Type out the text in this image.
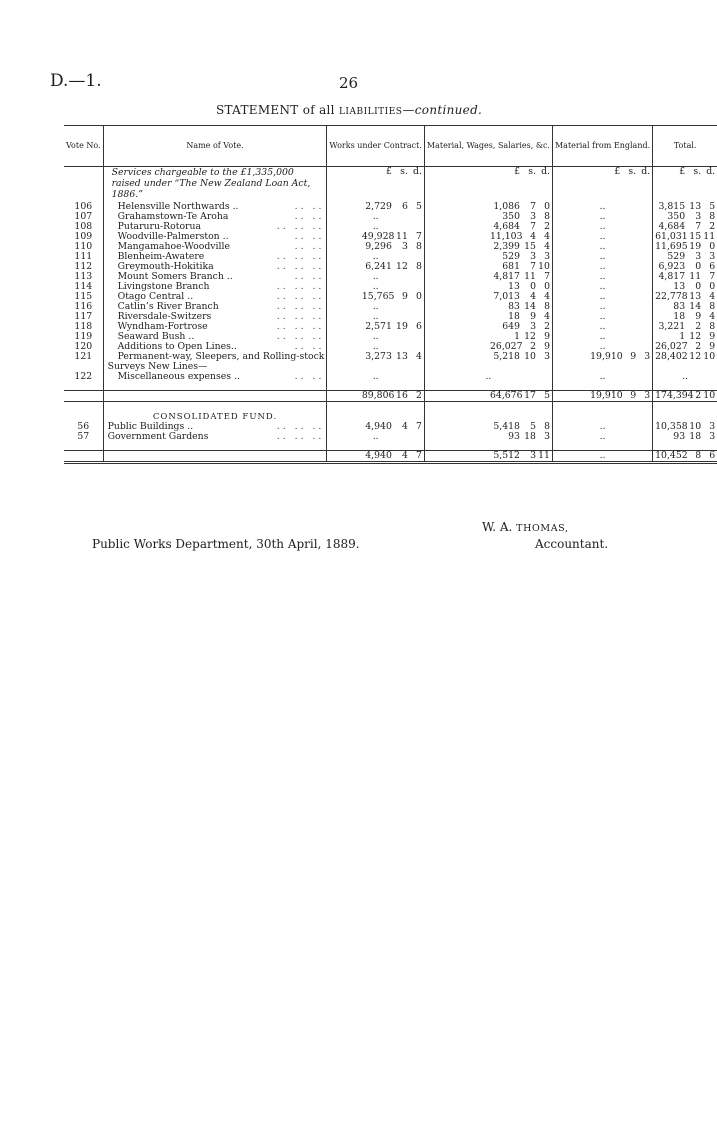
D.—1.	26
STATEMENT of all LIABILITIES—continued.
Vote No.	Name of Vote.	Works under Contract.	Material, Wages, Salaries, &c.	Material from England.	Total.
	Services chargeable to the £1,335,000 raised under “The New Zealand Loan Act, 1886.”	£ s. d.	£ s. d.	£ s. d.	£ s. d.
106	Helensville Northwards .. .. ..	2,729 6 5	1,086 7 0	..	3,815 13 5
107	Grahamstown-Te Aroha .. ..	..	350 3 8	..	350 3 8
108	Putaruru-Rotorua .. .. ..	..	4,684 7 2	..	4,684 7 2
109	Woodville-Palmerston .. .. ..	49,928 11 7	11,103 4 4	..	61,031 15 11
110	Mangamahoe-Woodville .. ..	9,296 3 8	2,399 15 4	..	11,695 19 0
111	Blenheim-Awatere .. .. ..	..	529 3 3	..	529 3 3
112	Greymouth-Hokitika .. .. ..	6,241 12 8	681 7 10	..	6,923 0 6
113	Mount Somers Branch .. .. ..	..	4,817 11 7	..	4,817 11 7
114	Livingstone Branch .. .. ..	..	13 0 0	..	13 0 0
115	Otago Central .. .. .. ..	15,765 9 0	7,013 4 4	..	22,778 13 4
116	Catlin’s River Branch .. .. ..	..	83 14 8	..	83 14 8
117	Riversdale-Switzers .. .. ..	..	18 9 4	..	18 9 4
118	Wyndham-Fortrose .. .. ..	2,571 19 6	649 3 2	..	3,221 2 8
119	Seaward Bush .. .. .. ..	..	1 12 9	..	1 12 9
120	Additions to Open Lines.. .. ..	..	26,027 2 9	..	26,027 2 9
121	Permanent-way, Sleepers, and Rolling-stock	3,273 13 4	5,218 10 3	19,910 9 3	28,402 12 10
	Surveys New Lines—				
122	Miscellaneous expenses .. .. ..	..	..	..	..

		89,806 16 2	64,676 17 5	19,910 9 3	174,394 2 10
	CONSOLIDATED FUND.				
56	Public Buildings .. .. .. ..	4,940 4 7	5,418 5 8	..	10,358 10 3
57	Government Gardens .. .. ..	..	93 18 3	..	93 18 3

		4,940 4 7	5,512 3 11	..	10,452 8 6
Public Works Department, 30th April, 1889.
W. A. THOMAS,
Accountant.
